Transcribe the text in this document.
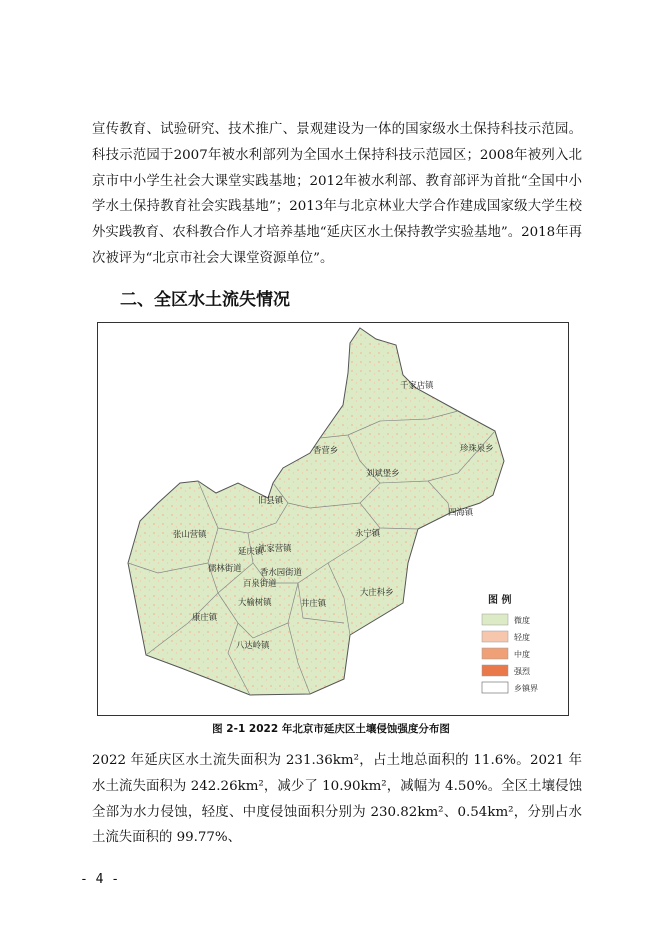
宣传教育、试验研究、技术推广、景观建设为一体的国家级水土保持科技示范园。科技示范园于2007年被水利部列为全国水土保持科技示范园区；2008年被列入北京市中小学生社会大课堂实践基地；2012年被水利部、教育部评为首批“全国中小学水土保持教育社会实践基地”；2013年与北京林业大学合作建成国家级大学生校外实践教育、农科教合作人才培养基地“延庆区水土保持教学实验基地”。2018年再次被评为“北京市社会大课堂资源单位”。

二、全区水土流失情况
千家店镇
香营乡	珍珠泉乡
刘斌堡乡
旧县镇
四海镇
张山营镇	永宁镇
沈家营镇
延庆镇
儒林街道 香水园街道
百泉街道
大榆树镇
大庄科乡
康庄镇
井庄镇
八达岭镇
图 例
微度
轻度
中度
强烈
乡镇界

图 2-1 2022 年北京市延庆区土壤侵蚀强度分布图

2022 年延庆区水土流失面积为 231.36km²，占土地总面积的 11.6%。2021 年水土流失面积为 242.26km²，减少了 10.90km²，减幅为 4.50%。全区土壤侵蚀全部为水力侵蚀，轻度、中度侵蚀面积分别为 230.82km²、0.54km²，分别占水土流失面积的 99.77%、

- 4 -
